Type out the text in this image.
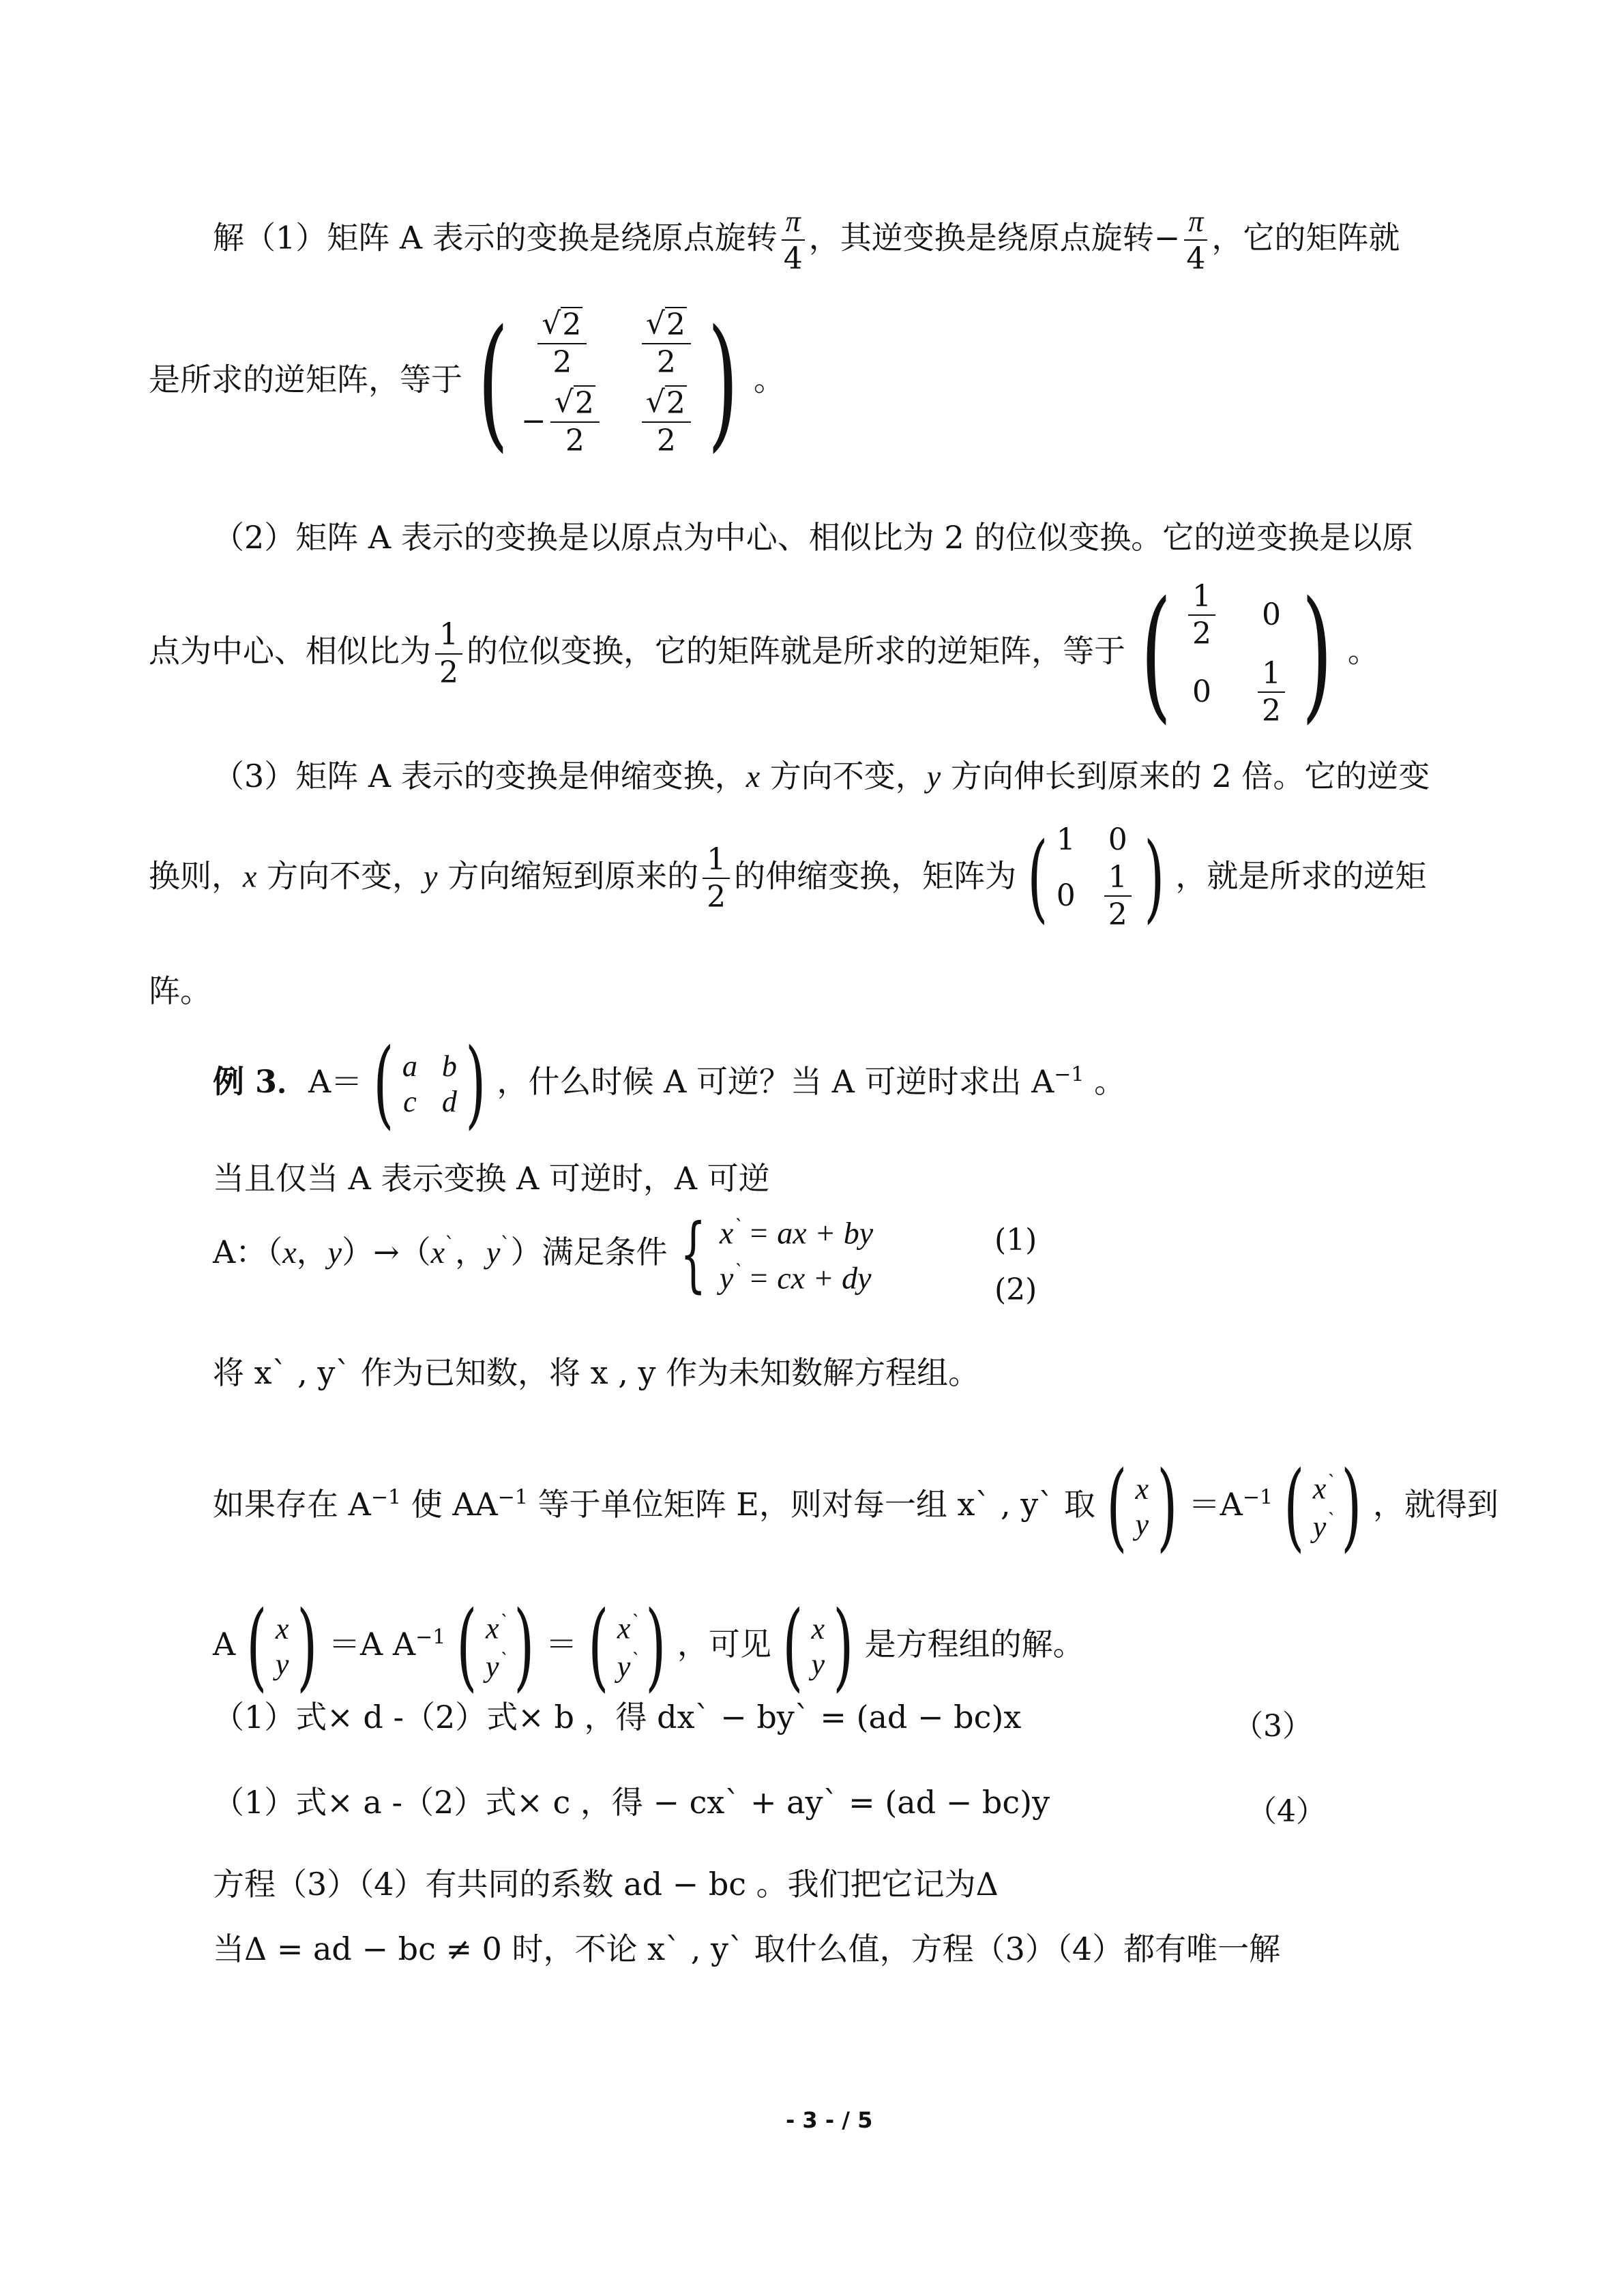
解（1）矩阵 A 表示的变换是绕原点旋转 $\frac{\pi}{4}$ ，其逆变换是绕原点旋转− $\frac{\pi}{4}$ ，它的矩阵就
是所求的逆矩阵，等于 ( $\frac{√ 2}{2} \frac{√ 2}{2}$
− $\frac{√ 2}{2} \frac{√ 2}{2}$ ) 。
（2）矩阵 A 表示的变换是以原点为中心、相似比为 2 的位似变换。它的逆变换是以原
点为中心、相似比为 $\frac{1}{2}$ 的位似变换，它的矩阵就是所求的逆矩阵，等于 ( $\frac{1}{2} 0$
$0 \frac{1}{2}$ ) 。
（3）矩阵 A 表示的变换是伸缩变换，x 方向不变，y 方向伸长到原来的 2 倍。它的逆变
换则，x 方向不变，y 方向缩短到原来的 $\frac{1}{2}$ 的伸缩变换，矩阵为 ( 1 0
$0 \frac{1}{2}$ ) ，就是所求的逆矩
阵。
例 3．A＝ ( a b
c d ) ，什么时候 A 可逆？当 A 可逆时求出 $A^{-1}$ 。
当且仅当 A 表示变换 A 可逆时，A 可逆
A：（x，y）→（x`，y`）满足条件 { x` = ax + by
y` = cx + dy
(1)
(2)
将 x` , y` 作为已知数，将 x , y 作为未知数解方程组。
如果存在 $A^{-1}$ 使 $AA^{-1}$ 等于单位矩阵 E，则对每一组 x` , y` 取 ( x
y ) $=A^{-1}$ ( x`
y` ) ，就得到
A ( x
y ) ＝A $A^{-1}$ ( x`
y` ) ＝ ( x`
y` ) ，可见 ( x
y ) 是方程组的解。
（1）式× d -（2）式× b ，得 dx` − by` = (ad − bc)x	（3）
（1）式× a -（2）式× c ，得 − cx` + ay` = (ad − bc)y	（4）
方程（3）（4）有共同的系数 ad − bc 。我们把它记为Δ
当Δ = ad − bc ≠ 0 时，不论 x` , y` 取什么值，方程（3）（4）都有唯一解
- 3 - / 5
